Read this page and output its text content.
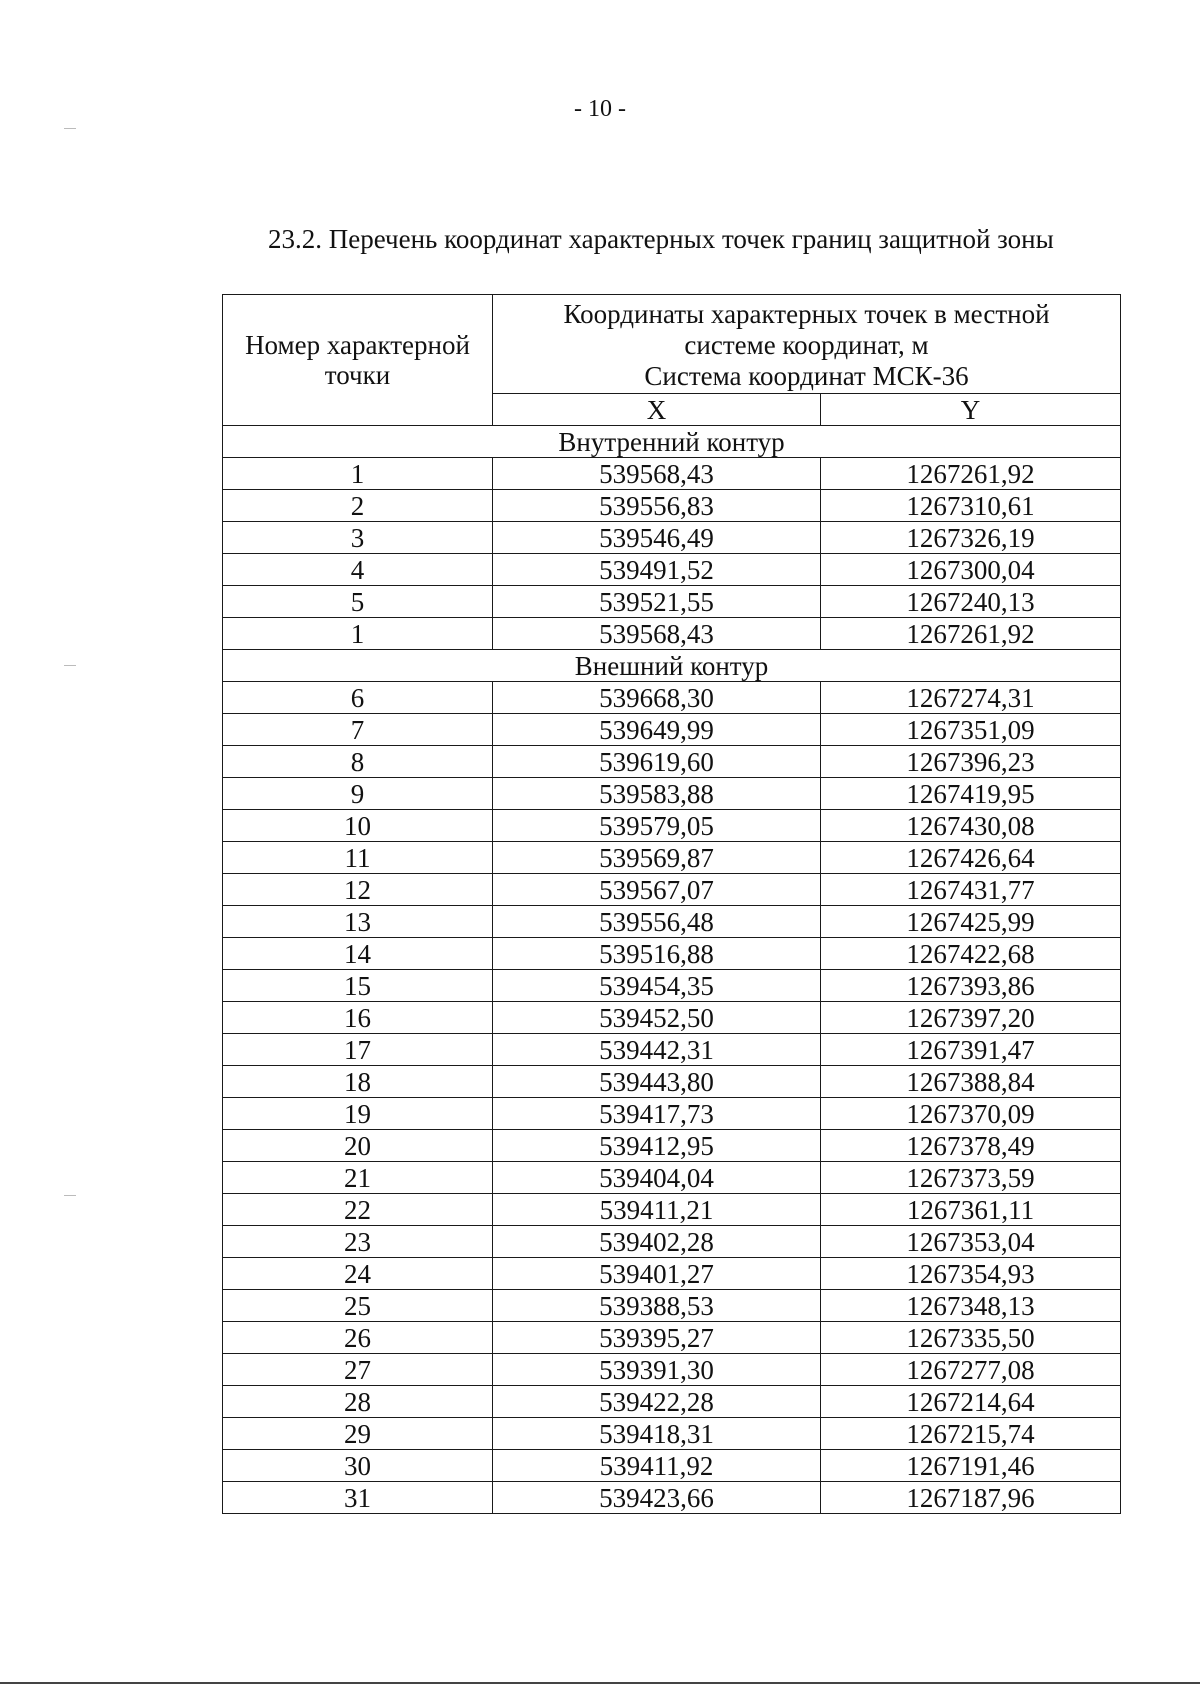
- 10 -
23.2. Перечень координат характерных точек границ защитной зоны
Номер характерной точки	Координаты характерных точек в местной
системе координат, м
Система координат МСК-36	

	X	Y
Внутренний контур		
1	539568,43	1267261,92
2	539556,83	1267310,61
3	539546,49	1267326,19
4	539491,52	1267300,04
5	539521,55	1267240,13
1	539568,43	1267261,92
Внешний контур		
6	539668,30	1267274,31
7	539649,99	1267351,09
8	539619,60	1267396,23
9	539583,88	1267419,95
10	539579,05	1267430,08
11	539569,87	1267426,64
12	539567,07	1267431,77
13	539556,48	1267425,99
14	539516,88	1267422,68
15	539454,35	1267393,86
16	539452,50	1267397,20
17	539442,31	1267391,47
18	539443,80	1267388,84
19	539417,73	1267370,09
20	539412,95	1267378,49
21	539404,04	1267373,59
22	539411,21	1267361,11
23	539402,28	1267353,04
24	539401,27	1267354,93
25	539388,53	1267348,13
26	539395,27	1267335,50
27	539391,30	1267277,08
28	539422,28	1267214,64
29	539418,31	1267215,74
30	539411,92	1267191,46
31	539423,66	1267187,96
